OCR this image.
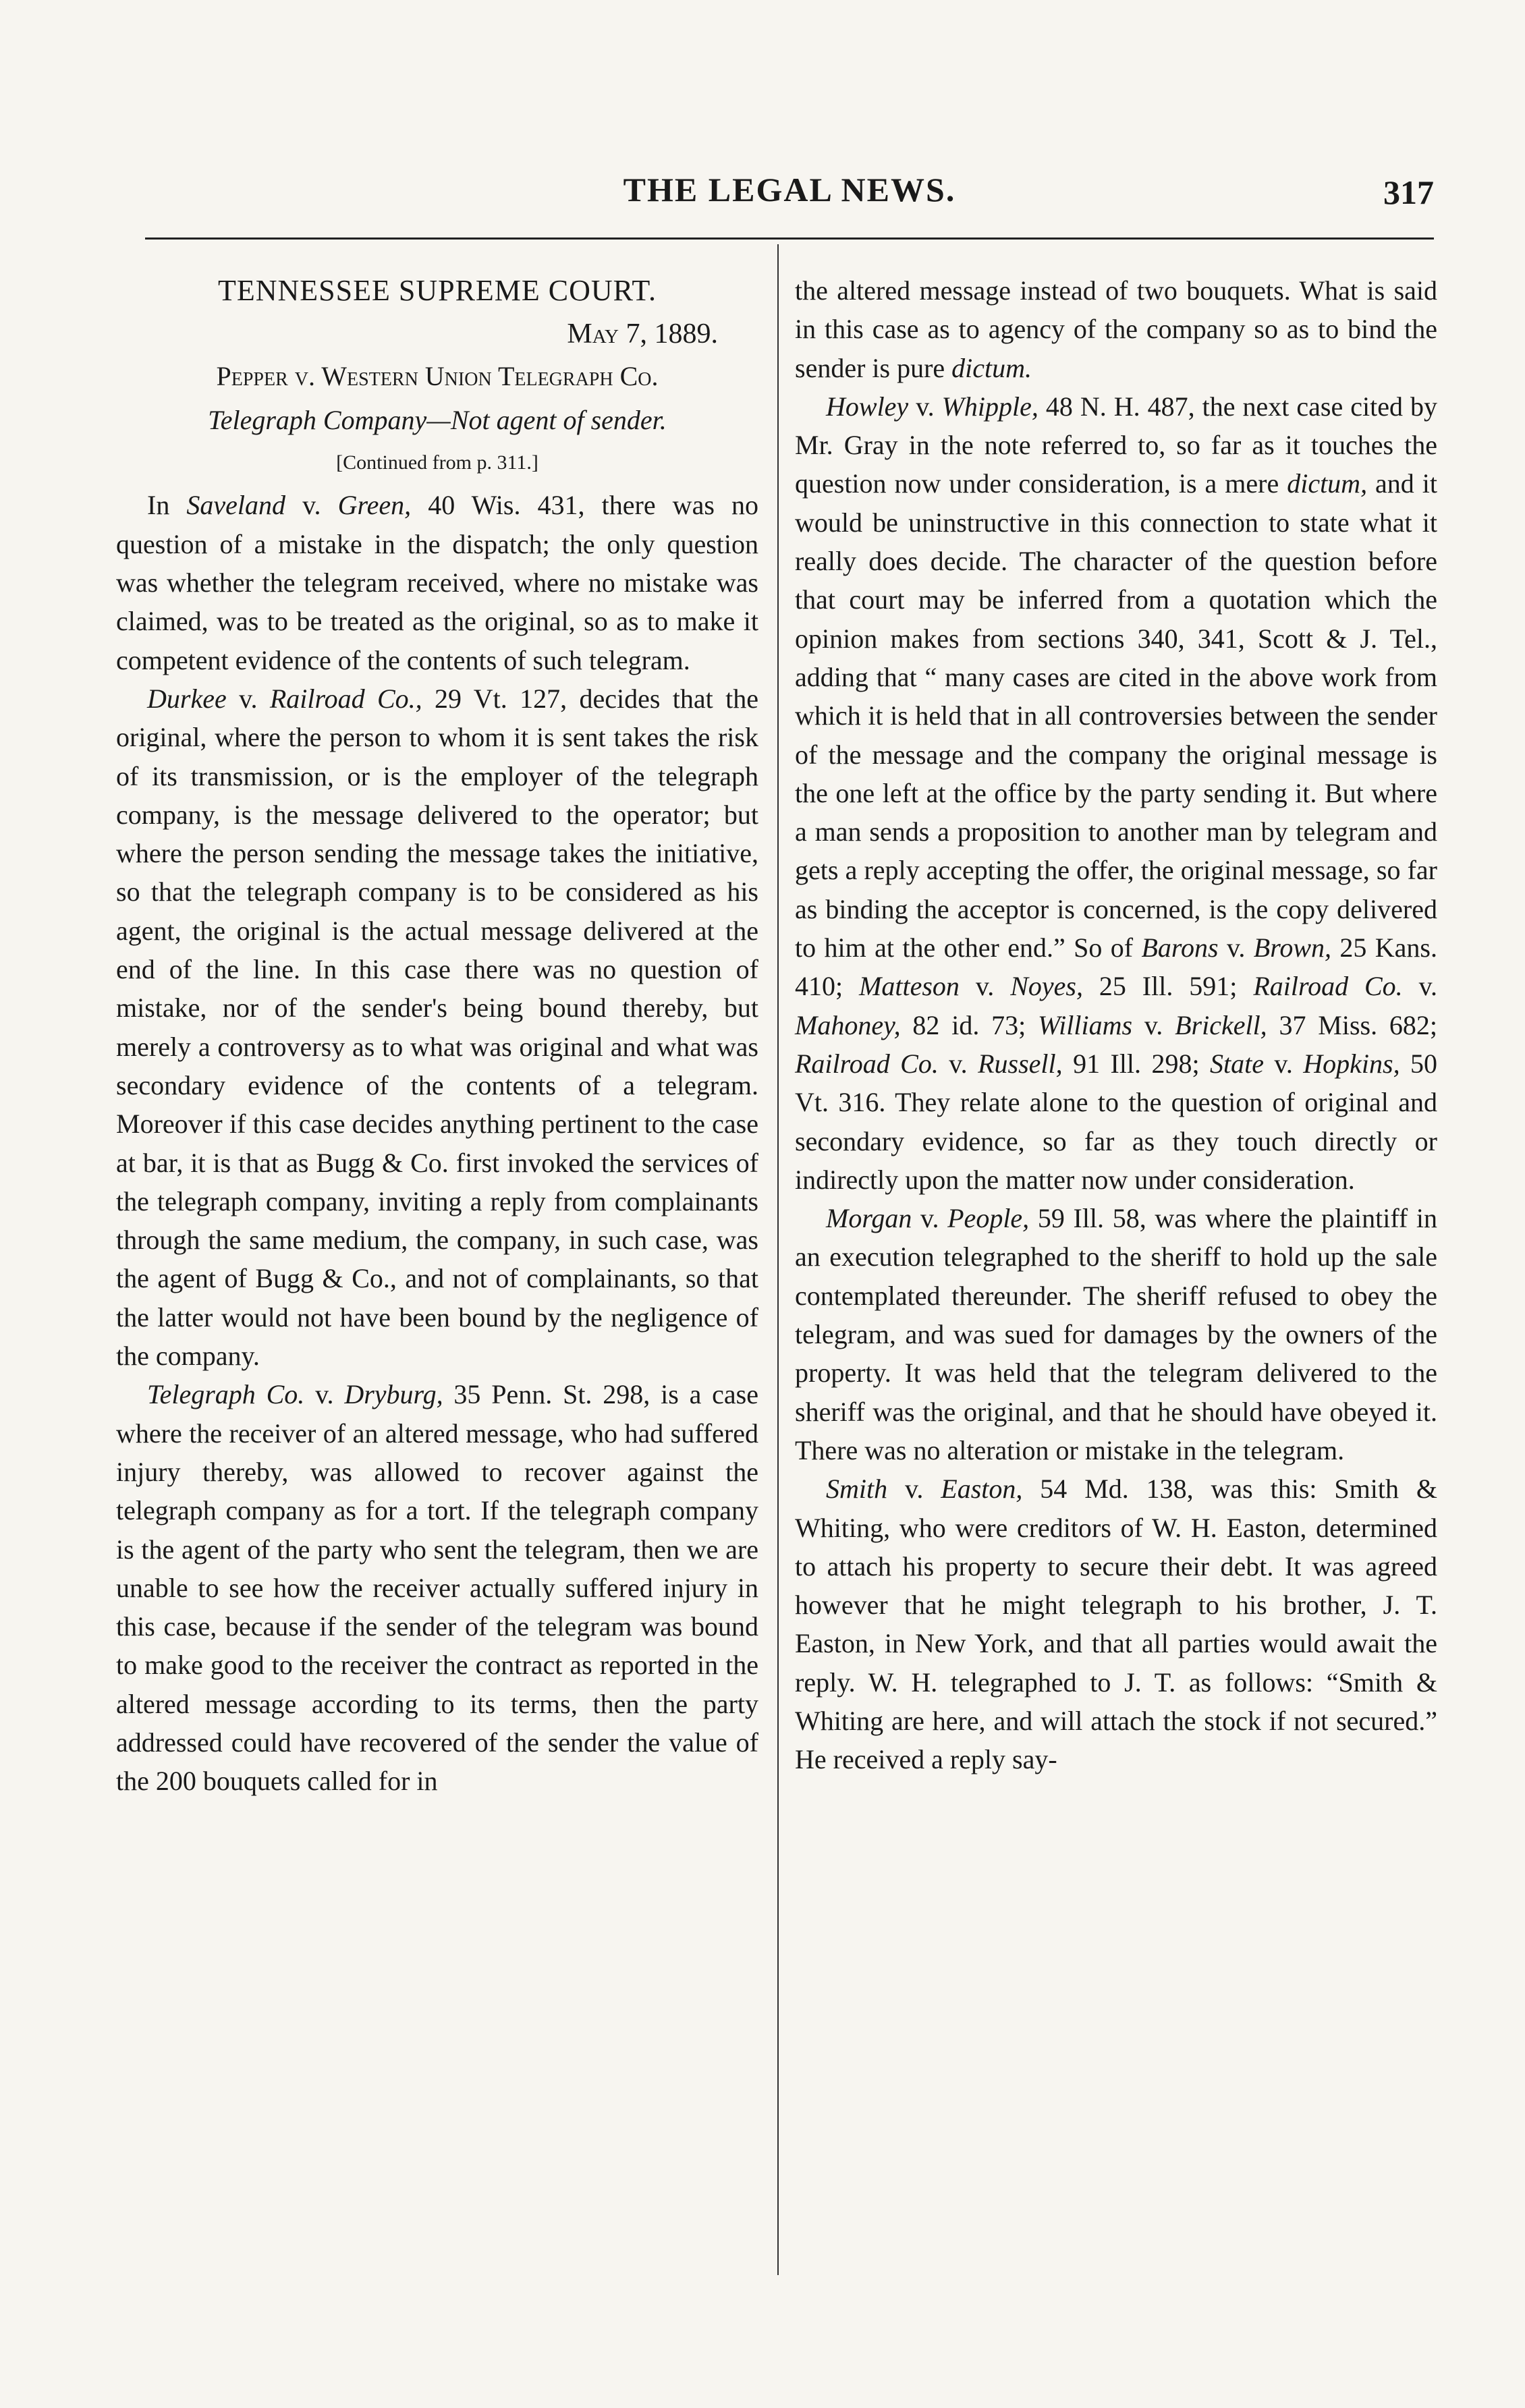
THE LEGAL NEWS.	317
TENNESSEE SUPREME COURT.
May 7, 1889.
Pepper v. Western Union Telegraph Co.
Telegraph Company—Not agent of sender.
[Continued from p. 311.]

In Saveland v. Green, 40 Wis. 431, there was no question of a mistake in the dispatch; the only question was whether the telegram received, where no mistake was claimed, was to be treated as the original, so as to make it competent evidence of the contents of such telegram.

Durkee v. Railroad Co., 29 Vt. 127, decides that the original, where the person to whom it is sent takes the risk of its transmission, or is the employer of the telegraph company, is the message delivered to the operator; but where the person sending the message takes the initiative, so that the telegraph company is to be considered as his agent, the original is the actual message delivered at the end of the line. In this case there was no question of mistake, nor of the sender's being bound thereby, but merely a controversy as to what was original and what was secondary evidence of the contents of a telegram. Moreover if this case decides anything pertinent to the case at bar, it is that as Bugg & Co. first invoked the services of the telegraph company, inviting a reply from complainants through the same medium, the company, in such case, was the agent of Bugg & Co., and not of complainants, so that the latter would not have been bound by the negligence of the company.

Telegraph Co. v. Dryburg, 35 Penn. St. 298, is a case where the receiver of an altered message, who had suffered injury thereby, was allowed to recover against the telegraph company as for a tort. If the telegraph company is the agent of the party who sent the telegram, then we are unable to see how the receiver actually suffered injury in this case, because if the sender of the telegram was bound to make good to the receiver the contract as reported in the altered message according to its terms, then the party addressed could have recovered of the sender the value of the 200 bouquets called for in

the altered message instead of two bouquets. What is said in this case as to agency of the company so as to bind the sender is pure dictum.

Howley v. Whipple, 48 N. H. 487, the next case cited by Mr. Gray in the note referred to, so far as it touches the question now under consideration, is a mere dictum, and it would be uninstructive in this connection to state what it really does decide. The character of the question before that court may be inferred from a quotation which the opinion makes from sections 340, 341, Scott & J. Tel., adding that “ many cases are cited in the above work from which it is held that in all controversies between the sender of the message and the company the original message is the one left at the office by the party sending it. But where a man sends a proposition to another man by telegram and gets a reply accepting the offer, the original message, so far as binding the acceptor is concerned, is the copy delivered to him at the other end.” So of Barons v. Brown, 25 Kans. 410; Matteson v. Noyes, 25 Ill. 591; Railroad Co. v. Mahoney, 82 id. 73; Williams v. Brickell, 37 Miss. 682; Railroad Co. v. Russell, 91 Ill. 298; State v. Hopkins, 50 Vt. 316. They relate alone to the question of original and secondary evidence, so far as they touch directly or indirectly upon the matter now under consideration.

Morgan v. People, 59 Ill. 58, was where the plaintiff in an execution telegraphed to the sheriff to hold up the sale contemplated thereunder. The sheriff refused to obey the telegram, and was sued for damages by the owners of the property. It was held that the telegram delivered to the sheriff was the original, and that he should have obeyed it. There was no alteration or mistake in the telegram.

Smith v. Easton, 54 Md. 138, was this: Smith & Whiting, who were creditors of W. H. Easton, determined to attach his property to secure their debt. It was agreed however that he might telegraph to his brother, J. T. Easton, in New York, and that all parties would await the reply. W. H. telegraphed to J. T. as follows: “Smith & Whiting are here, and will attach the stock if not secured.” He received a reply say-
